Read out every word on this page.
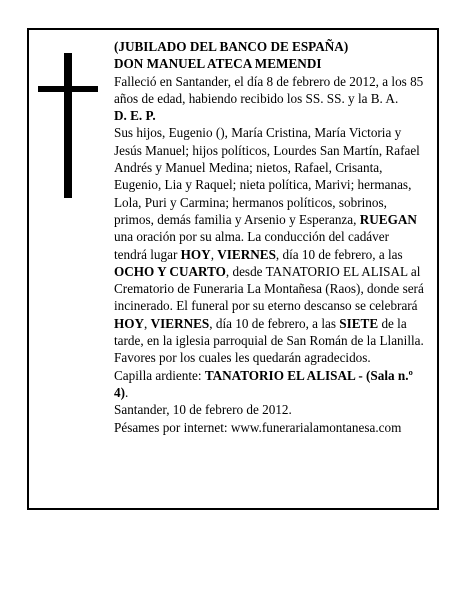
(JUBILADO DEL BANCO DE ESPAÑA)

DON MANUEL ATECA MEMENDI

Falleció en Santander, el día 8 de febrero de 2012, a los 85 años de edad, habiendo recibido los SS. SS. y la B. A.

D. E. P.

Sus hijos, Eugenio (), María Cristina, María Victoria y Jesús Manuel; hijos políticos, Lourdes San Martín, Rafael Andrés y Manuel Medina; nietos, Rafael, Crisanta, Eugenio, Lia y Raquel; nieta política, Marivi; hermanas, Lola, Puri y Carmina; hermanos políticos, sobrinos, primos, demás familia y Arsenio y Esperanza, RUEGAN una oración por su alma. La conducción del cadáver tendrá lugar HOY, VIERNES, día 10 de febrero, a las OCHO Y CUARTO, desde TANATORIO EL ALISAL al Crematorio de Funeraria La Montañesa (Raos), donde será incinerado. El funeral por su eterno descanso se celebrará HOY, VIERNES, día 10 de febrero, a las SIETE de la tarde, en la iglesia parroquial de San Román de la Llanilla. Favores por los cuales les quedarán agradecidos.

Capilla ardiente: TANATORIO EL ALISAL - (Sala n.º 4).

Santander, 10 de febrero de 2012.

Pésames por internet: www.funerarialamontanesa.com
